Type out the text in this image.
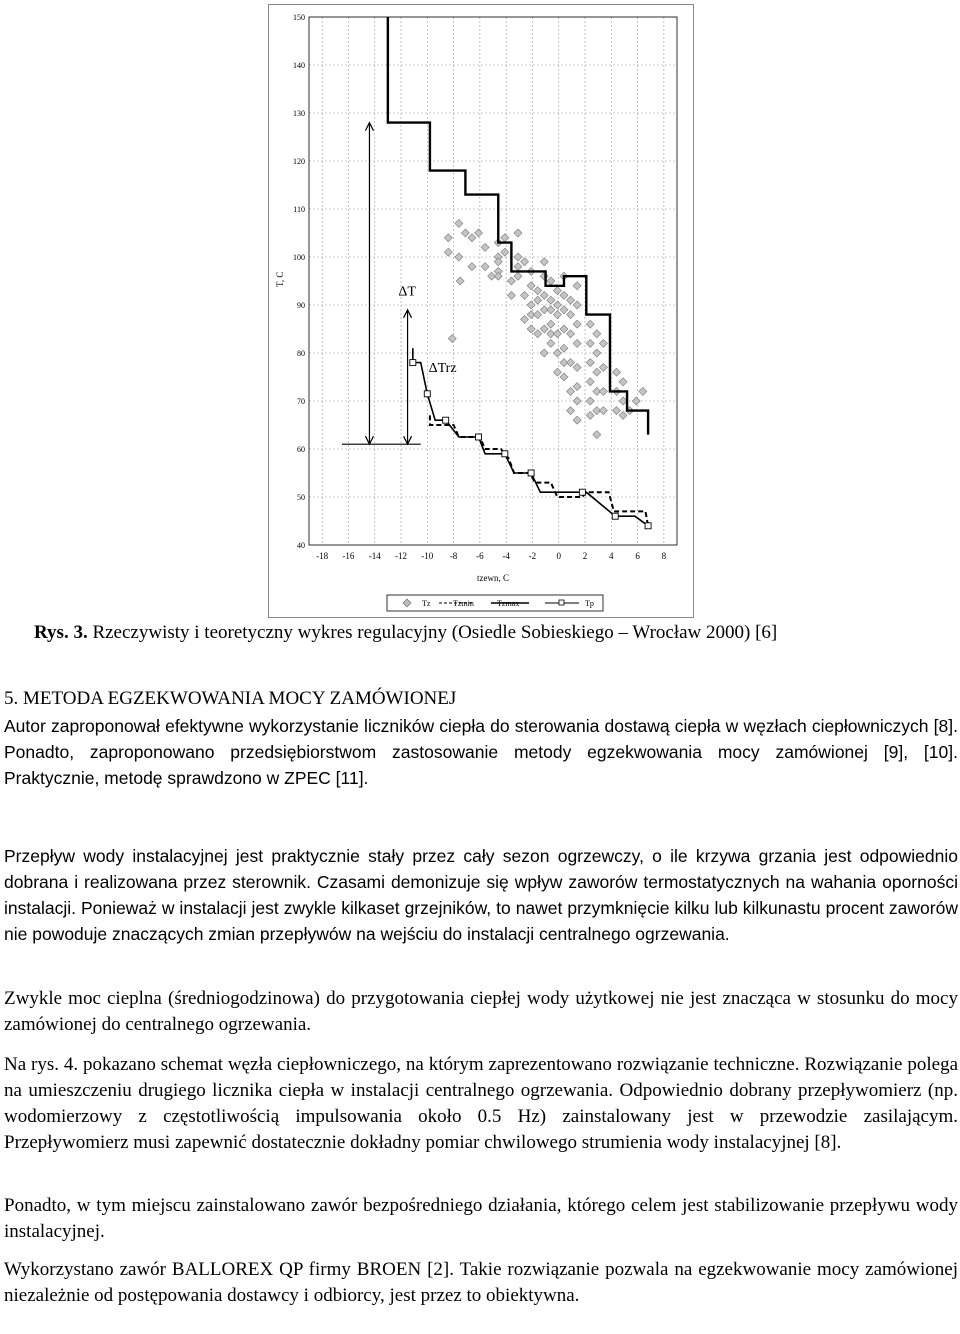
-18 -16 -14 -12 -10 -8 -6 -4 -2 0 2 4 6 8
40
50
60
70
80
90
100
110
120
130
140
150
ΔT
ΔTrz
T, C
tzewn, C
Tz	Tzmin	Tzmax	Tp
Rys. 3. Rzeczywisty i teoretyczny wykres regulacyjny (Osiedle Sobieskiego – Wrocław 2000) [6]
5. METODA EGZEKWOWANIA MOCY ZAMÓWIONEJ
Autor zaproponował efektywne wykorzystanie liczników ciepła do sterowania dostawą ciepła w węzłach ciepłowniczych [8]. Ponadto, zaproponowano przedsiębiorstwom zastosowanie metody egzekwowania mocy zamówionej [9], [10]. Praktycznie, metodę sprawdzono w ZPEC [11].
Przepływ wody instalacyjnej jest praktycznie stały przez cały sezon ogrzewczy, o ile krzywa grzania jest odpowiednio dobrana i realizowana przez sterownik. Czasami demonizuje się wpływ zaworów termostatycznych na wahania oporności instalacji. Ponieważ w instalacji jest zwykle kilkaset grzejników, to nawet przymknięcie kilku lub kilkunastu procent zaworów nie powoduje znaczących zmian przepływów na wejściu do instalacji centralnego ogrzewania.
Zwykle moc cieplna (średniogodzinowa) do przygotowania ciepłej wody użytkowej nie jest znacząca w stosunku do mocy zamówionej do centralnego ogrzewania.
Na rys. 4. pokazano schemat węzła ciepłowniczego, na którym zaprezentowano rozwiązanie techniczne. Rozwiązanie polega na umieszczeniu drugiego licznika ciepła w instalacji centralnego ogrzewania. Odpowiednio dobrany przepływomierz (np. wodomierzowy z częstotliwością impulsowania około 0.5 Hz) zainstalowany jest w przewodzie zasilającym. Przepływomierz musi zapewnić dostatecznie dokładny pomiar chwilowego strumienia wody instalacyjnej [8].
Ponadto, w tym miejscu zainstalowano zawór bezpośredniego działania, którego celem jest stabilizowanie przepływu wody instalacyjnej.
Wykorzystano zawór BALLOREX QP firmy BROEN [2]. Takie rozwiązanie pozwala na egzekwowanie mocy zamówionej niezależnie od postępowania dostawcy i odbiorcy, jest przez to obiektywna.
